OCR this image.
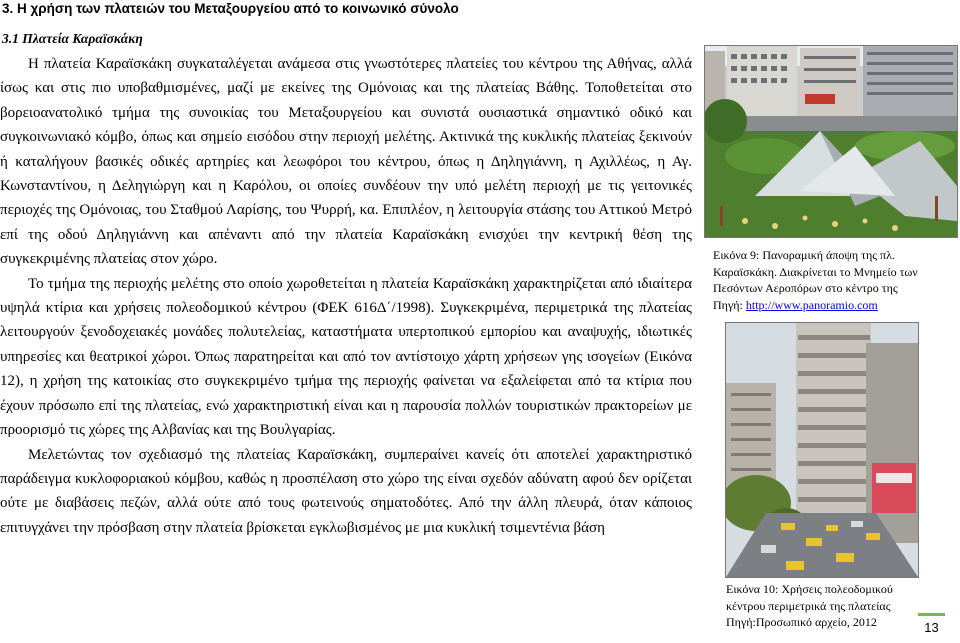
3. Η χρήση των πλατειών του Μεταξουργείου από το κοινωνικό σύνολο
3.1 Πλατεία Καραϊσκάκη

Η πλατεία Καραϊσκάκη συγκαταλέγεται ανάμεσα στις γνωστότερες πλατείες του κέντρου της Αθήνας, αλλά ίσως και στις πιο υποβαθμισμένες, μαζί με εκείνες της Ομόνοιας και της πλατείας Βάθης. Τοποθετείται στο βορειοανατολικό τμήμα της συνοικίας του Μεταξουργείου και συνιστά ουσιαστικά σημαντικό οδικό και συγκοινωνιακό κόμβο, όπως και σημείο εισόδου στην περιοχή μελέτης. Ακτινικά της κυκλικής πλατείας ξεκινούν ή καταλήγουν βασικές οδικές αρτηρίες και λεωφόροι του κέντρου, όπως η Δηληγιάννη, η Αχιλλέως, η Αγ. Κωνσταντίνου, η Δεληγιώργη και η Καρόλου, οι οποίες συνδέουν την υπό μελέτη περιοχή με τις γειτονικές περιοχές της Ομόνοιας, του Σταθμού Λαρίσης, του Ψυρρή, κα. Επιπλέον, η λειτουργία στάσης του Αττικού Μετρό επί της οδού Δηληγιάννη και απέναντι από την πλατεία Καραϊσκάκη ενισχύει την κεντρική θέση της συγκεκριμένης πλατείας στον χώρο.

Το τμήμα της περιοχής μελέτης στο οποίο χωροθετείται η πλατεία Καραϊσκάκη χαρακτηρίζεται από ιδιαίτερα υψηλά κτίρια και χρήσεις πολεοδομικού κέντρου (ΦΕΚ 616Δ΄/1998). Συγκεκριμένα, περιμετρικά της πλατείας λειτουργούν ξενοδοχειακές μονάδες πολυτελείας, καταστήματα υπερτοπικού εμπορίου και αναψυχής, ιδιωτικές υπηρεσίες και θεατρικοί χώροι. Όπως παρατηρείται και από τον αντίστοιχο χάρτη χρήσεων γης ισογείων (Εικόνα 12), η χρήση της κατοικίας στο συγκεκριμένο τμήμα της περιοχής φαίνεται να εξαλείφεται από τα κτίρια που έχουν πρόσωπο επί της πλατείας, ενώ χαρακτηριστική είναι και η παρουσία πολλών τουριστικών πρακτορείων με προορισμό τις χώρες της Αλβανίας και της Βουλγαρίας.

Μελετώντας τον σχεδιασμό της πλατείας Καραϊσκάκη, συμπεραίνει κανείς ότι αποτελεί χαρακτηριστικό παράδειγμα κυκλοφοριακού κόμβου, καθώς η προσπέλαση στο χώρο της είναι σχεδόν αδύνατη αφού δεν ορίζεται ούτε με διαβάσεις πεζών, αλλά ούτε από τους φωτεινούς σηματοδότες. Από την άλλη πλευρά, όταν κάποιος επιτυγχάνει την πρόσβαση στην πλατεία βρίσκεται εγκλωβισμένος με μια κυκλική τσιμεντένια βάση

Εικόνα 9: Πανοραμική άποψη της πλ. Καραϊσκάκη. Διακρίνεται το Μνημείο των Πεσόντων Αεροπόρων στο κέντρο της
Πηγή: http://www.panoramio.com
Εικόνα 10: Χρήσεις πολεοδομικού κέντρου περιμετρικά της πλατείας
Πηγή:Προσωπικό αρχείο, 2012	13
